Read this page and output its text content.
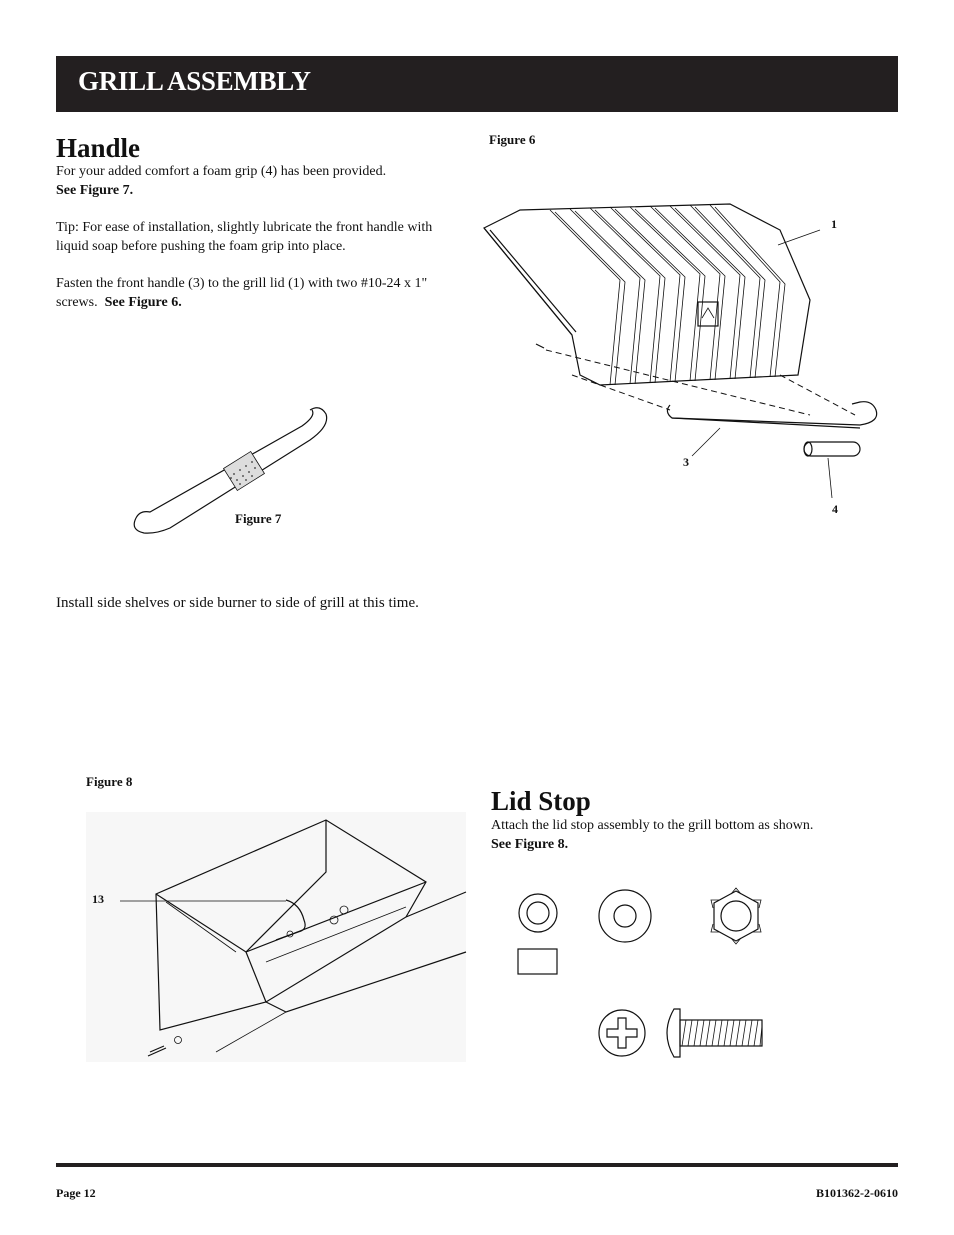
GRILL ASSEMBLY
Handle
For your added comfort a foam grip (4) has been provided.
See Figure 7.
Tip: For ease of installation, slightly lubricate the front handle with liquid soap before pushing the foam grip into place.
Fasten the front handle (3) to the grill lid (1) with two #10-24 x 1" screws. See Figure 6.
Figure 6
1
3
4
Figure 7
Install side shelves or side burner to side of grill at this time.
Figure 8
13
Lid Stop
Attach the lid stop assembly to the grill bottom as shown.
See Figure 8.
Page 12	B101362-2-0610
